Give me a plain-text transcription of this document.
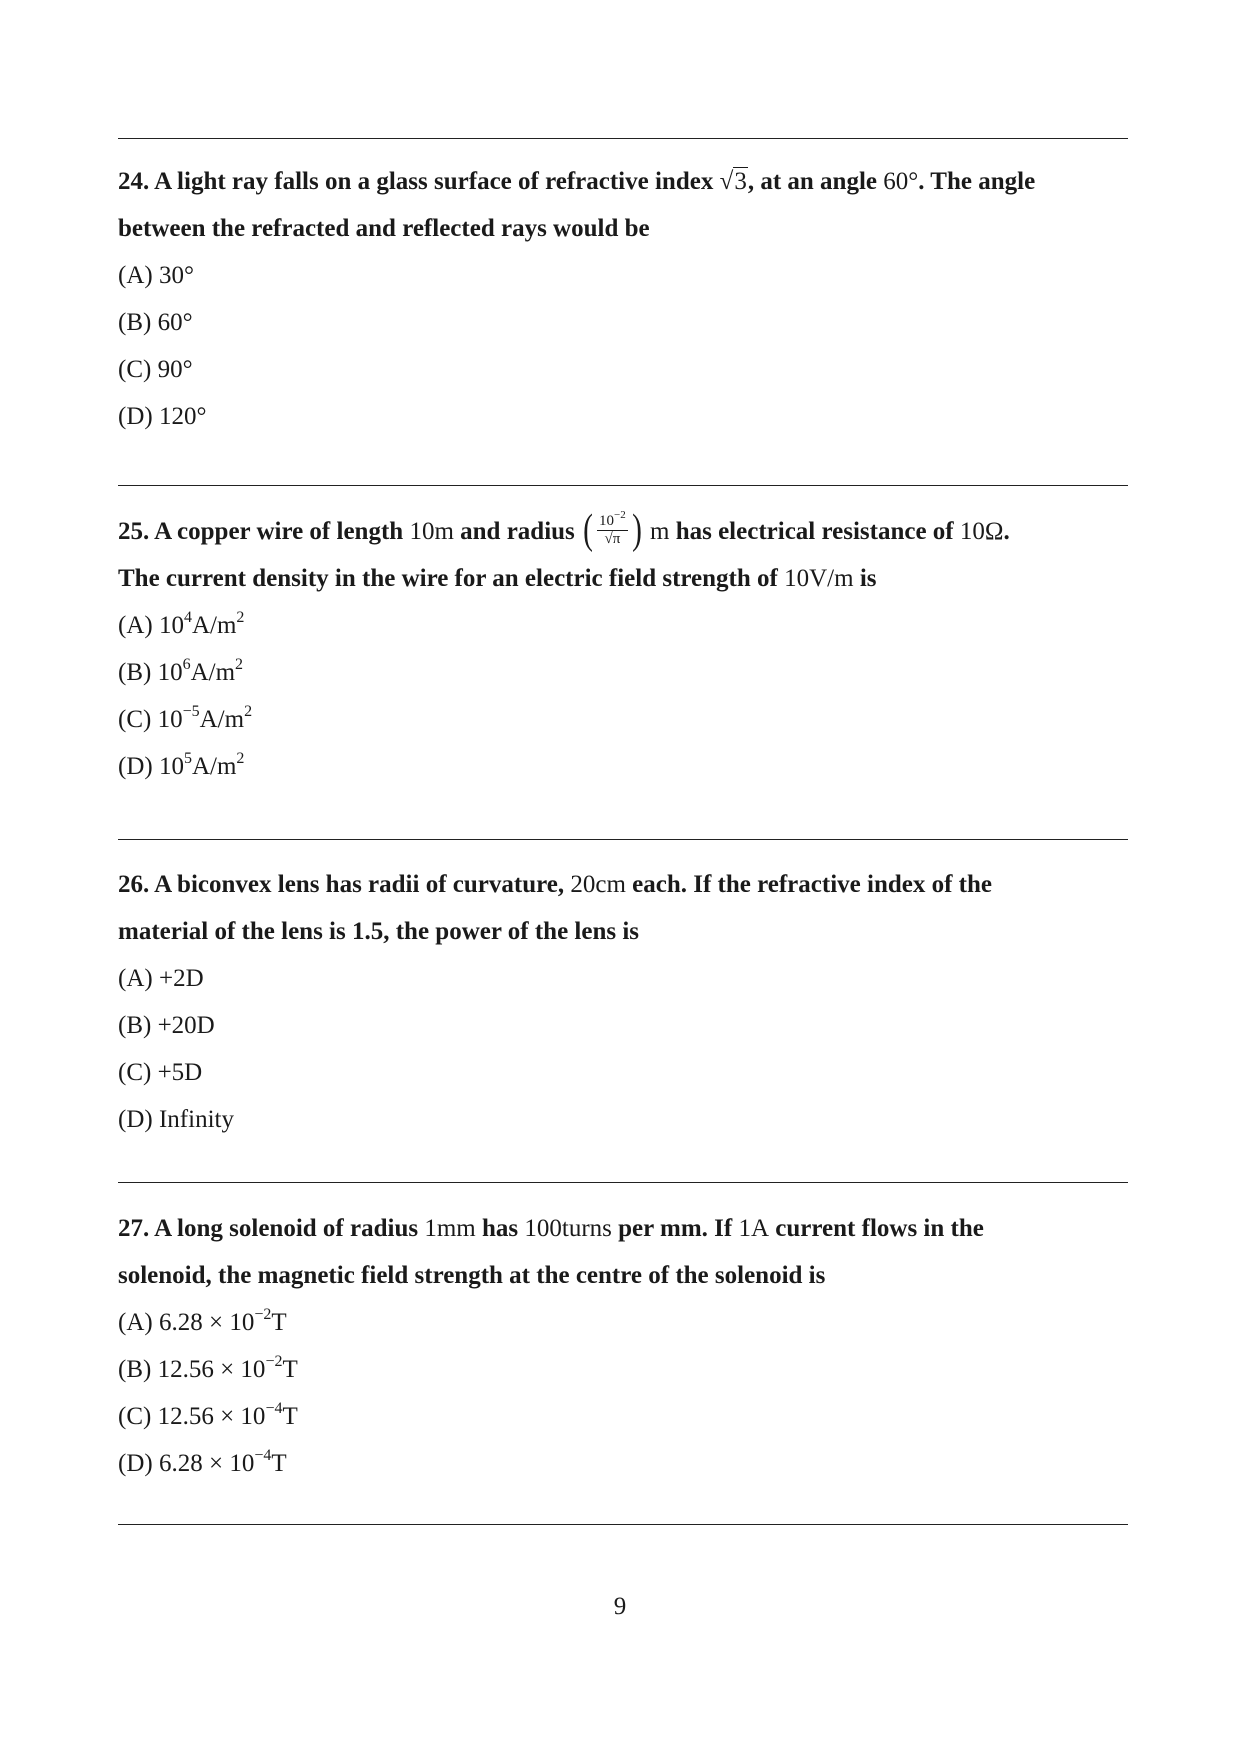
24. A light ray falls on a glass surface of refractive index √3, at an angle 60°. The angle
between the refracted and reflected rays would be

(A) 30°
(B) 60°
(C) 90°
(D) 120°

25. A copper wire of length 10m and radius ( $\frac{10^{-2}}{√\pi}$ ) m has electrical resistance of 10Ω.
The current density in the wire for an electric field strength of 10V/m is

(A) $10^4A/m^2$
(B) $10^6A/m^2$
(C) $10^{-5}A/m^2$
(D) $10^5A/m^2$

26. A biconvex lens has radii of curvature, 20cm each. If the refractive index of the
material of the lens is 1.5, the power of the lens is

(A) +2D
(B) +20D
(C) +5D
(D) Infinity

27. A long solenoid of radius 1mm has 100turns per mm. If 1A current flows in the
solenoid, the magnetic field strength at the centre of the solenoid is

(A) $6.28 \times 10^{-2}T$
(B) $12.56 \times 10^{-2}T$
(C) $12.56 \times 10^{-4}T$
(D) $6.28 \times 10^{-4}T$
9
